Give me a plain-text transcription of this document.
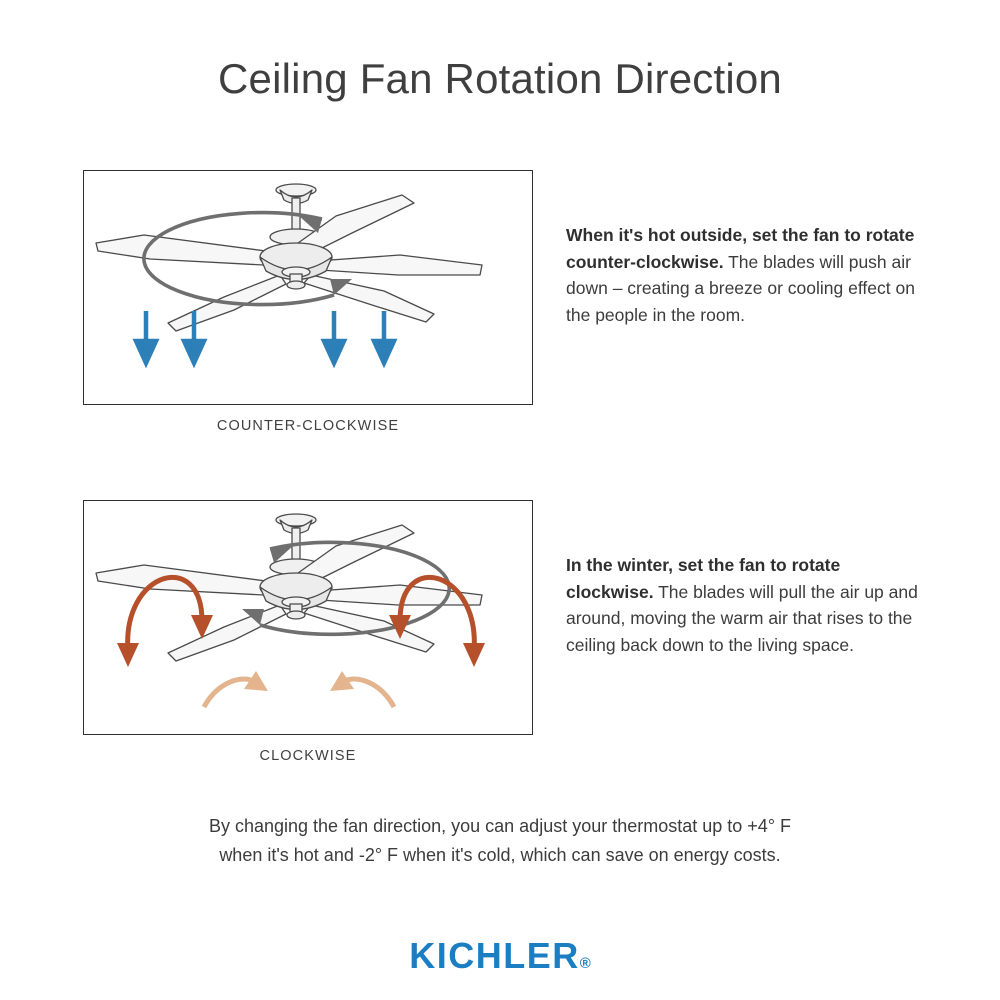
Ceiling Fan Rotation Direction
COUNTER-CLOCKWISE
When it's hot outside, set the fan to rotate counter-clockwise. The blades will push air down – creating a breeze or cooling effect on the people in the room.
CLOCKWISE
In the winter, set the fan to rotate clockwise. The blades will pull the air up and around, moving the warm air that rises to the ceiling back down to the living space.
By changing the fan direction, you can adjust your thermostat up to +4° F
when it's hot and -2° F when it's cold, which can save on energy costs.
KICHLER®
